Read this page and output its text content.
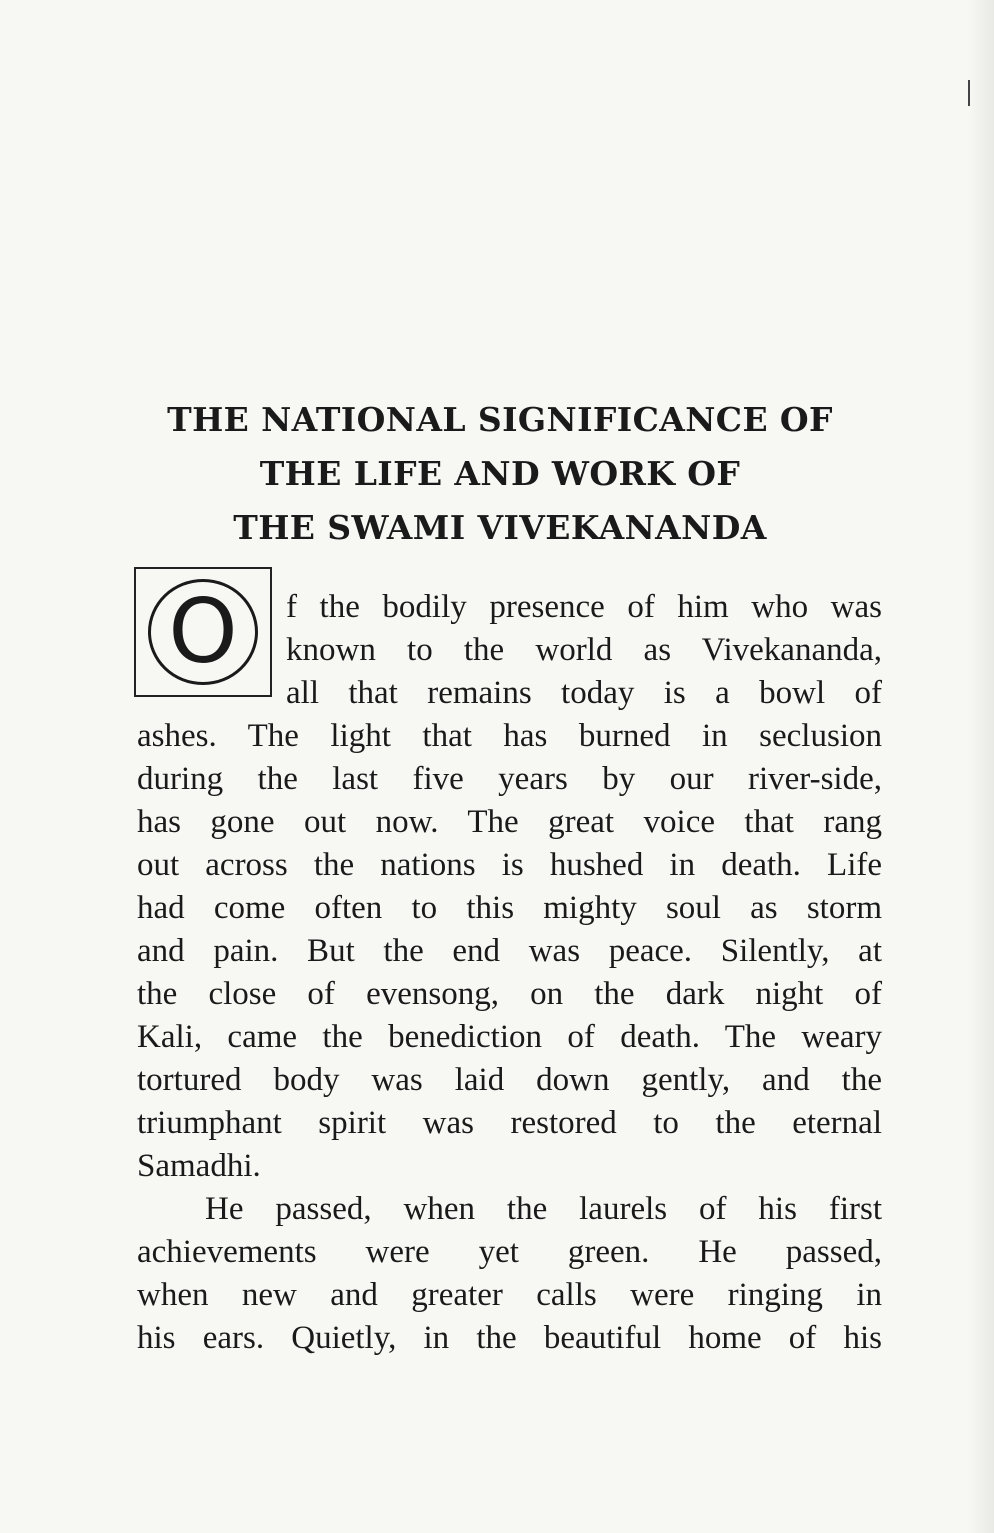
THE NATIONAL SIGNIFICANCE OF
THE LIFE AND WORK OF
THE SWAMI VIVEKANANDA
O	f the bodily presence of him who was
known to the world as Vivekananda,
all that remains today is a bowl of
ashes. The light that has burned in seclusion
during the last five years by our river-side,
has gone out now. The great voice that rang
out across the nations is hushed in death. Life
had come often to this mighty soul as storm
and pain. But the end was peace. Silently, at
the close of evensong, on the dark night of
Kali, came the benediction of death. The weary
tortured body was laid down gently, and the
triumphant spirit was restored to the eternal
Samadhi.
He passed, when the laurels of his first
achievements were yet green. He passed,
when new and greater calls were ringing in
his ears. Quietly, in the beautiful home of his
